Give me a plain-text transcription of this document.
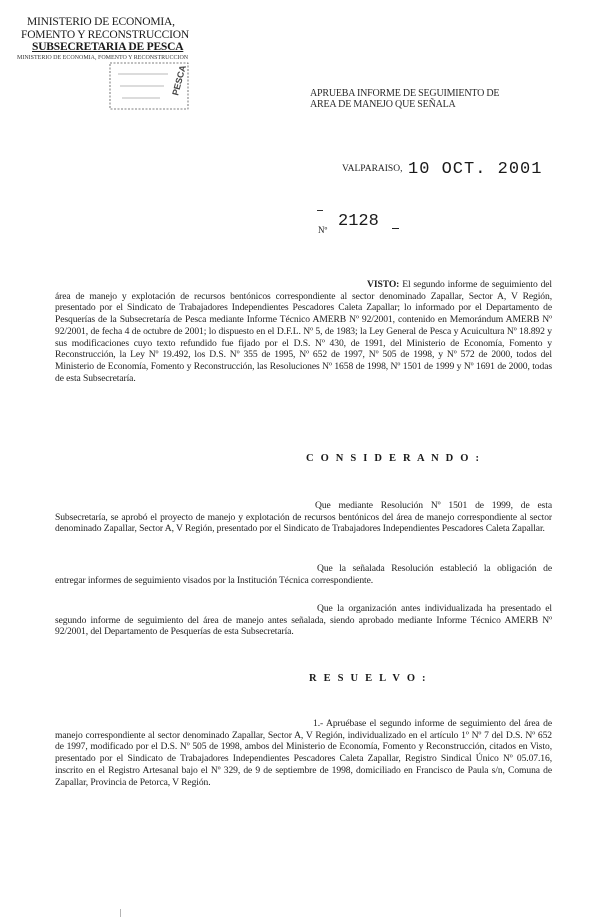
MINISTERIO DE ECONOMIA,
FOMENTO Y RECONSTRUCCION
SUBSECRETARIA DE PESCA
MINISTERIO DE ECONOMIA, FOMENTO Y RECONSTRUCCION
PESCA	APRUEBA INFORME DE SEGUIMIENTO DE
AREA DE MANEJO QUE SEÑALA
VALPARAISO, 10 OCT. 2001
Nº 2128
VISTO: El segundo informe de seguimiento del área de manejo y explotación de recursos bentónicos correspondiente al sector denominado Zapallar, Sector A, V Región, presentado por el Sindicato de Trabajadores Independientes Pescadores Caleta Zapallar; lo informado por el Departamento de Pesquerías de la Subsecretaría de Pesca mediante Informe Técnico AMERB Nº 92/2001, contenido en Memorándum AMERB Nº 92/2001, de fecha 4 de octubre de 2001; lo dispuesto en el D.F.L. Nº 5, de 1983; la Ley General de Pesca y Acuicultura Nº 18.892 y sus modificaciones cuyo texto refundido fue fijado por el D.S. Nº 430, de 1991, del Ministerio de Economía, Fomento y Reconstrucción, la Ley Nº 19.492, los D.S. Nº 355 de 1995, Nº 652 de 1997, Nº 505 de 1998, y Nº 572 de 2000, todos del Ministerio de Economía, Fomento y Reconstrucción, las Resoluciones Nº 1658 de 1998, Nº 1501 de 1999 y Nº 1691 de 2000, todas de esta Subsecretaría.
C O N S I D E R A N D O :
Que mediante Resolución Nº 1501 de 1999, de esta Subsecretaría, se aprobó el proyecto de manejo y explotación de recursos bentónicos del área de manejo correspondiente al sector denominado Zapallar, Sector A, V Región, presentado por el Sindicato de Trabajadores Independientes Pescadores Caleta Zapallar.
Que la señalada Resolución estableció la obligación de entregar informes de seguimiento visados por la Institución Técnica correspondiente.
Que la organización antes individualizada ha presentado el segundo informe de seguimiento del área de manejo antes señalada, siendo aprobado mediante Informe Técnico AMERB Nº 92/2001, del Departamento de Pesquerías de esta Subsecretaría.
R E S U E L V O :
1.- Apruébase el segundo informe de seguimiento del área de manejo correspondiente al sector denominado Zapallar, Sector A, V Región, individualizado en el artículo 1º Nº 7 del D.S. Nº 652 de 1997, modificado por el D.S. Nº 505 de 1998, ambos del Ministerio de Economía, Fomento y Reconstrucción, citados en Visto, presentado por el Sindicato de Trabajadores Independientes Pescadores Caleta Zapallar, Registro Sindical Único Nº 05.07.16, inscrito en el Registro Artesanal bajo el Nº 329, de 9 de septiembre de 1998, domiciliado en Francisco de Paula s/n, Comuna de Zapallar, Provincia de Petorca, V Región.
|
